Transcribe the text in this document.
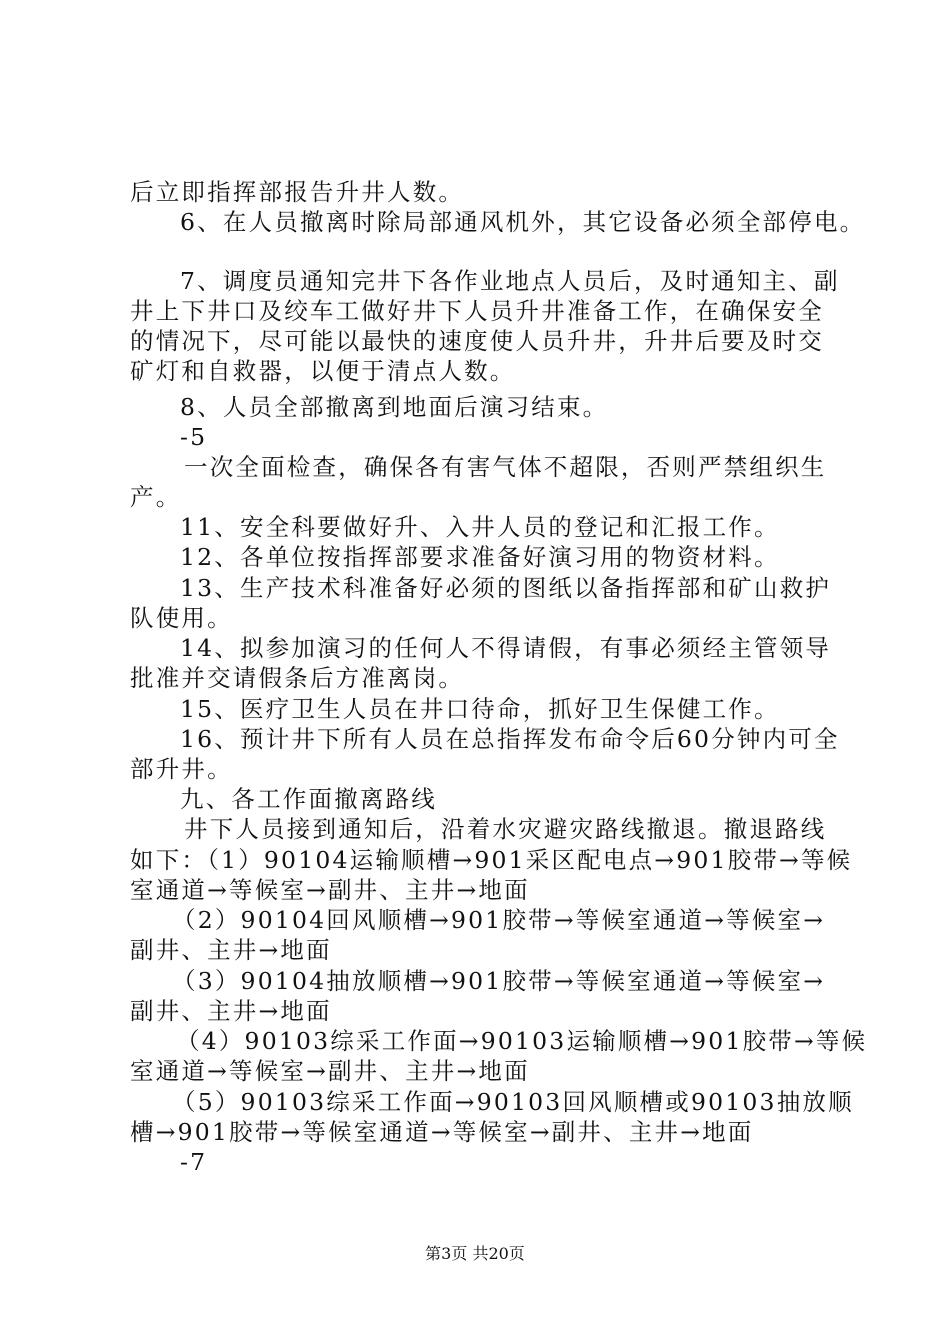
后立即指挥部报告升井人数。
6、在人员撤离时除局部通风机外，其它设备必须全部停电。
7、调度员通知完井下各作业地点人员后，及时通知主、副
井上下井口及绞车工做好井下人员升井准备工作，在确保安全
的情况下，尽可能以最快的速度使人员升井，升井后要及时交
矿灯和自救器，以便于清点人数。
8、人员全部撤离到地面后演习结束。
-5
一次全面检查，确保各有害气体不超限，否则严禁组织生
产。
11、安全科要做好升、入井人员的登记和汇报工作。
12、各单位按指挥部要求准备好演习用的物资材料。
13、生产技术科准备好必须的图纸以备指挥部和矿山救护
队使用。
14、拟参加演习的任何人不得请假，有事必须经主管领导
批准并交请假条后方准离岗。
15、医疗卫生人员在井口待命，抓好卫生保健工作。
16、预计井下所有人员在总指挥发布命令后60分钟内可全
部升井。
九、各工作面撤离路线
井下人员接到通知后，沿着水灾避灾路线撤退。撤退路线
如下：（1）90104运输顺槽→901采区配电点→901胶带→等候
室通道→等候室→副井、主井→地面
（2）90104回风顺槽→901胶带→等候室通道→等候室→
副井、主井→地面
（3）90104抽放顺槽→901胶带→等候室通道→等候室→
副井、主井→地面
（4）90103综采工作面→90103运输顺槽→901胶带→等候
室通道→等候室→副井、主井→地面
（5）90103综采工作面→90103回风顺槽或90103抽放顺
槽→901胶带→等候室通道→等候室→副井、主井→地面
-7
第3页 共20页
